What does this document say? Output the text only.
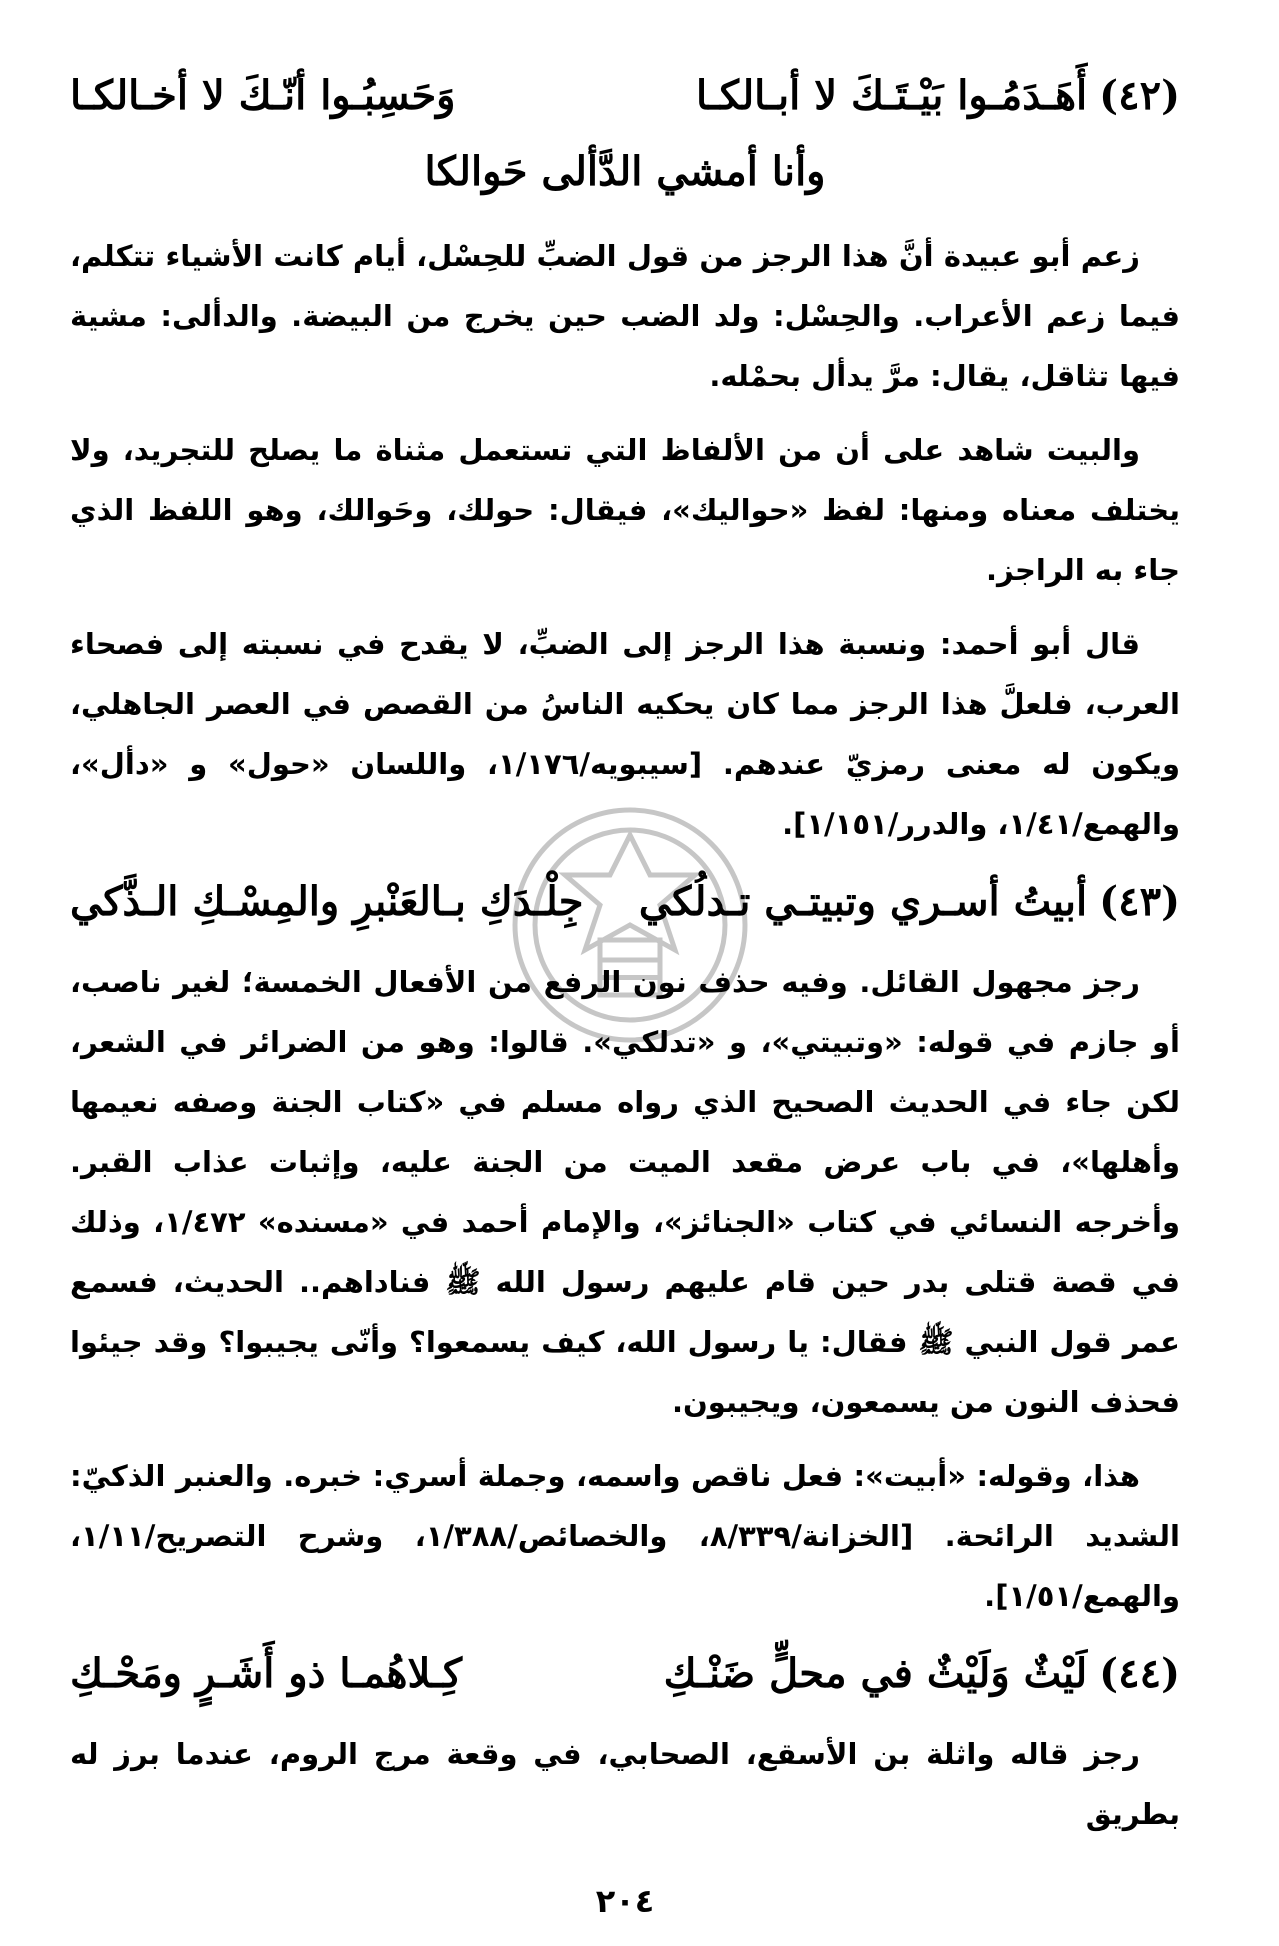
(٤٢)
أَهَـدَمُـوا بَيْـتَـكَ لا أبـالكـا
وَحَسِبُـوا أنّـكَ لا أخـالكـا
وأنا أمشي الدَّألى حَوالكا

زعم أبو عبيدة أنَّ هذا الرجز من قول الضبِّ للحِسْل، أيام كانت الأشياء تتكلم، فيما زعم الأعراب. والحِسْل: ولد الضب حين يخرج من البيضة. والدألى: مشية فيها تثاقل، يقال: مرَّ يدأل بحمْله.

والبيت شاهد على أن من الألفاظ التي تستعمل مثناة ما يصلح للتجريد، ولا يختلف معناه ومنها: لفظ «حواليك»، فيقال: حولك، وحَوالك، وهو اللفظ الذي جاء به الراجز.

قال أبو أحمد: ونسبة هذا الرجز إلى الضبِّ، لا يقدح في نسبته إلى فصحاء العرب، فلعلَّ هذا الرجز مما كان يحكيه الناسُ من القصص في العصر الجاهلي، ويكون له معنى رمزيّ عندهم. [سيبويه/١/١٧٦، واللسان «حول» و «دأل»، والهمع/١/٤١، والدرر/١/١٥١].

(٤٣)
أبيتُ أسـري وتبيتـي تـدلُكي
جِلْـدَكِ بـالعَنْبرِ والمِسْـكِ الـذَّكي

رجز مجهول القائل. وفيه حذف نون الرفع من الأفعال الخمسة؛ لغير ناصب، أو جازم في قوله: «وتبيتي»، و «تدلكي». قالوا: وهو من الضرائر في الشعر، لكن جاء في الحديث الصحيح الذي رواه مسلم في «كتاب الجنة وصفه نعيمها وأهلها»، في باب عرض مقعد الميت من الجنة عليه، وإثبات عذاب القبر. وأخرجه النسائي في كتاب «الجنائز»، والإمام أحمد في «مسنده» ١/٤٧٢، وذلك في قصة قتلى بدر حين قام عليهم رسول الله ﷺ فناداهم.. الحديث، فسمع عمر قول النبي ﷺ فقال: يا رسول الله، كيف يسمعوا؟ وأنّى يجيبوا؟ وقد جيئوا فحذف النون من يسمعون، ويجيبون.

هذا، وقوله: «أبيت»: فعل ناقص واسمه، وجملة أسري: خبره. والعنبر الذكيّ: الشديد الرائحة. [الخزانة/٨/٣٣٩، والخصائص/١/٣٨٨، وشرح التصريح/١/١١، والهمع/١/٥١].

(٤٤)
لَيْثٌ وَلَيْثٌ في محلٍّ ضَنْـكِ
كِـلاهُمـا ذو أَشَـرٍ ومَحْـكِ

رجز قاله واثلة بن الأسقع، الصحابي، في وقعة مرج الروم، عندما برز له بطريق

٢٠٤
